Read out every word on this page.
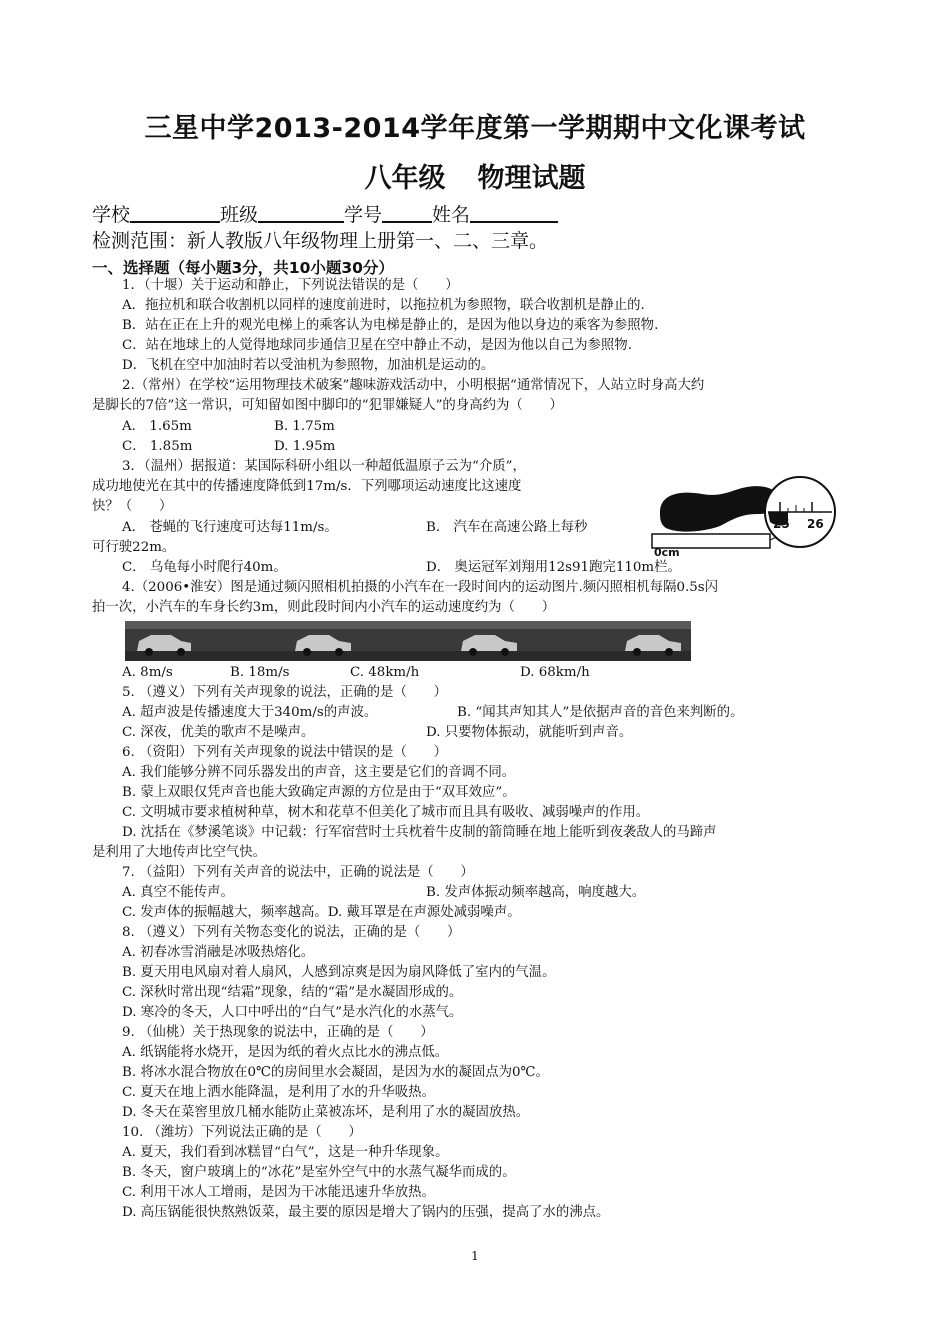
三星中学2013-2014学年度第一学期期中文化课考试
八年级 物理试题
学校	班级	学号	姓名
检测范围：新人教版八年级物理上册第一、二、三章。
一、选择题（每小题3分，共10小题30分）
1．（十堰）关于运动和静止，下列说法错误的是（　　）
A．拖拉机和联合收割机以同样的速度前进时，以拖拉机为参照物，联合收割机是静止的.
B．站在正在上升的观光电梯上的乘客认为电梯是静止的，是因为他以身边的乘客为参照物.
C．站在地球上的人觉得地球同步通信卫星在空中静止不动，是因为他以自己为参照物.
D．飞机在空中加油时若以受油机为参照物，加油机是运动的。
2.（常州）在学校“运用物理技术破案”趣味游戏活动中，小明根据“通常情况下，人站立时身高大约
是脚长的7倍”这一常识，可知留如图中脚印的“犯罪嫌疑人”的身高约为（　　）
A． 1.65m	B. 1.75m
C． 1.85m	D. 1.95m
3．（温州）据报道：某国际科研小组以一种超低温原子云为“介质”，
成功地使光在其中的传播速度降低到17m/s．下列哪项运动速度比这速度
快？（　　）
A． 苍蝇的飞行速度可达每11m/s。	B． 汽车在高速公路上每秒
可行驶22m。
C． 乌龟每小时爬行40m。	D． 奥运冠军刘翔用12s91跑完110m栏。
0cm
25 26
4.（2006•淮安）图是通过频闪照相机拍摄的小汽车在一段时间内的运动图片.频闪照相机每隔0.5s闪
拍一次，小汽车的车身长约3m，则此段时间内小汽车的运动速度约为（　　）
A. 8m/s	B. 18m/s	C. 48km/h	D. 68km/h
5. （遵义）下列有关声现象的说法，正确的是（　　）
A. 超声波是传播速度大于340m/s的声波。	B. “闻其声知其人”是依据声音的音色来判断的。
C. 深夜，优美的歌声不是噪声。	D. 只要物体振动，就能听到声音。
6. （资阳）下列有关声现象的说法中错误的是（　　）
A. 我们能够分辨不同乐器发出的声音，这主要是它们的音调不同。
B. 蒙上双眼仅凭声音也能大致确定声源的方位是由于“双耳效应”。
C. 文明城市要求植树种草，树木和花草不但美化了城市而且具有吸收、减弱噪声的作用。
D. 沈括在《梦溪笔谈》中记载：行军宿营时士兵枕着牛皮制的箭筒睡在地上能听到夜袭敌人的马蹄声
是利用了大地传声比空气快。
7. （益阳）下列有关声音的说法中，正确的说法是（　　）
A. 真空不能传声。	B. 发声体振动频率越高，响度越大。
C. 发声体的振幅越大，频率越高。D. 戴耳罩是在声源处减弱噪声。
8. （遵义）下列有关物态变化的说法，正确的是（　　）
A. 初春冰雪消融是冰吸热熔化。
B. 夏天用电风扇对着人扇风，人感到凉爽是因为扇风降低了室内的气温。
C. 深秋时常出现“结霜”现象，结的“霜”是水凝固形成的。
D. 寒冷的冬天，人口中呼出的“白气”是水汽化的水蒸气。
9. （仙桃）关于热现象的说法中，正确的是（　　）
A. 纸锅能将水烧开，是因为纸的着火点比水的沸点低。
B. 将冰水混合物放在0℃的房间里水会凝固，是因为水的凝固点为0℃。
C. 夏天在地上洒水能降温，是利用了水的升华吸热。
D. 冬天在菜窖里放几桶水能防止菜被冻坏，是利用了水的凝固放热。
10. （潍坊）下列说法正确的是（　　）
A. 夏天，我们看到冰糕冒“白气”，这是一种升华现象。
B. 冬天，窗户玻璃上的“冰花”是室外空气中的水蒸气凝华而成的。
C. 利用干冰人工增雨，是因为干冰能迅速升华放热。
D. 高压锅能很快熬熟饭菜，最主要的原因是增大了锅内的压强，提高了水的沸点。
1
